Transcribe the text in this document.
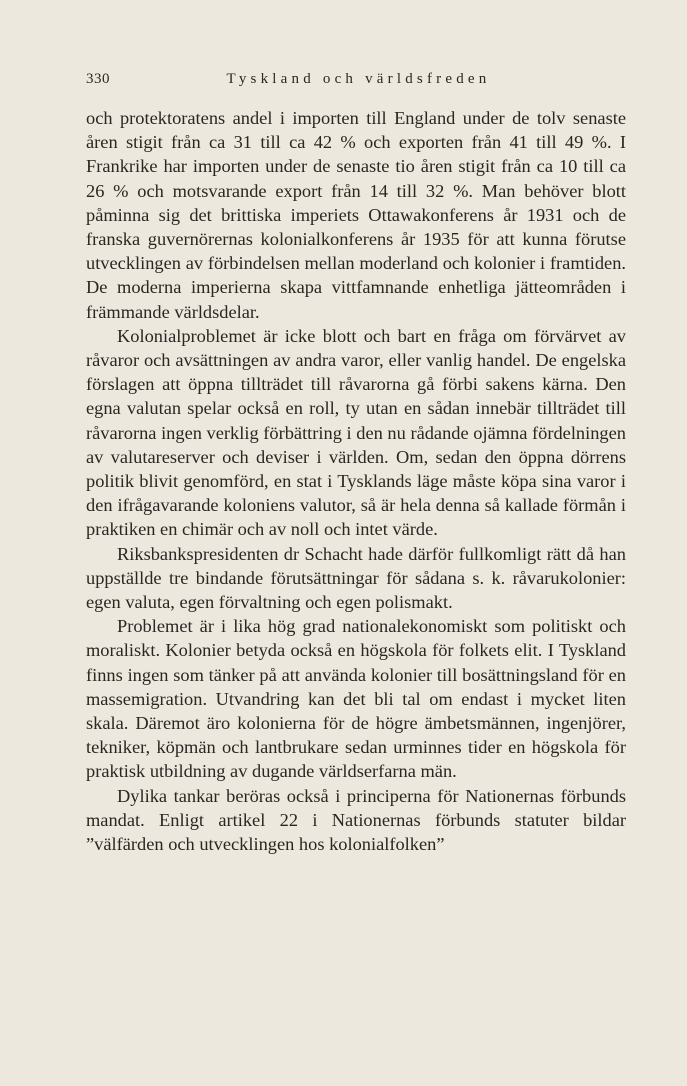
330	Tyskland och världsfreden

och protektoratens andel i importen till England under de tolv senaste åren stigit från ca 31 till ca 42 % och exporten från 41 till 49 %. I Frankrike har importen under de senaste tio åren stigit från ca 10 till ca 26 % och motsvarande export från 14 till 32 %. Man behöver blott påminna sig det brittiska imperiets Ottawakonferens år 1931 och de franska guvernörernas kolonialkonferens år 1935 för att kunna förutse utvecklingen av förbindelsen mellan moderland och kolonier i framtiden. De moderna imperierna skapa vittfamnande enhetliga jätteområden i främmande världsdelar.

Kolonialproblemet är icke blott och bart en fråga om förvärvet av råvaror och avsättningen av andra varor, eller vanlig handel. De engelska förslagen att öppna tillträdet till råvarorna gå förbi sakens kärna. Den egna valutan spelar också en roll, ty utan en sådan innebär tillträdet till råvarorna ingen verklig förbättring i den nu rådande ojämna fördelningen av valutareserver och deviser i världen. Om, sedan den öppna dörrens politik blivit genomförd, en stat i Tysklands läge måste köpa sina varor i den ifrågavarande koloniens valutor, så är hela denna så kallade förmån i praktiken en chimär och av noll och intet värde.

Riksbankspresidenten dr Schacht hade därför fullkomligt rätt då han uppställde tre bindande förutsättningar för sådana s. k. råvarukolonier: egen valuta, egen förvaltning och egen polismakt.

Problemet är i lika hög grad nationalekonomiskt som politiskt och moraliskt. Kolonier betyda också en högskola för folkets elit. I Tyskland finns ingen som tänker på att använda kolonier till bosättningsland för en massemigration. Utvandring kan det bli tal om endast i mycket liten skala. Däremot äro kolonierna för de högre ämbetsmännen, ingenjörer, tekniker, köpmän och lantbrukare sedan urminnes tider en högskola för praktisk utbildning av dugande världserfarna män.

Dylika tankar beröras också i principerna för Nationernas förbunds mandat. Enligt artikel 22 i Nationernas förbunds statuter bildar ”välfärden och utvecklingen hos kolonialfolken”
